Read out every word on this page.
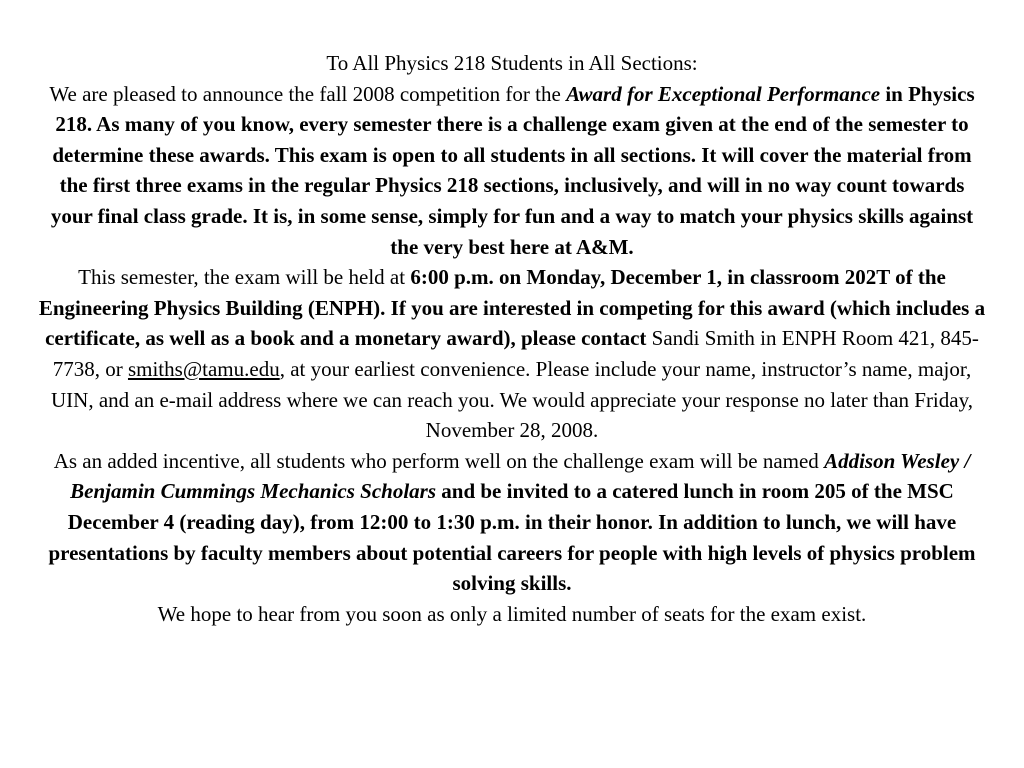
To All Physics 218 Students in All Sections:

We are pleased to announce the fall 2008 competition for the Award for Exceptional Performance in Physics 218. As many of you know, every semester there is a challenge exam given at the end of the semester to determine these awards. This exam is open to all students in all sections. It will cover the material from the first three exams in the regular Physics 218 sections, inclusively, and will in no way count towards your final class grade. It is, in some sense, simply for fun and a way to match your physics skills against the very best here at A&M.

This semester, the exam will be held at 6:00 p.m. on Monday, December 1, in classroom 202T of the Engineering Physics Building (ENPH). If you are interested in competing for this award (which includes a certificate, as well as a book and a monetary award), please contact Sandi Smith in ENPH Room 421, 845-7738, or smiths@tamu.edu, at your earliest convenience. Please include your name, instructor’s name, major, UIN, and an e-mail address where we can reach you. We would appreciate your response no later than Friday, November 28, 2008.

As an added incentive, all students who perform well on the challenge exam will be named Addison Wesley / Benjamin Cummings Mechanics Scholars and be invited to a catered lunch in room 205 of the MSC December 4 (reading day), from 12:00 to 1:30 p.m. in their honor. In addition to lunch, we will have presentations by faculty members about potential careers for people with high levels of physics problem solving skills.

We hope to hear from you soon as only a limited number of seats for the exam exist.
